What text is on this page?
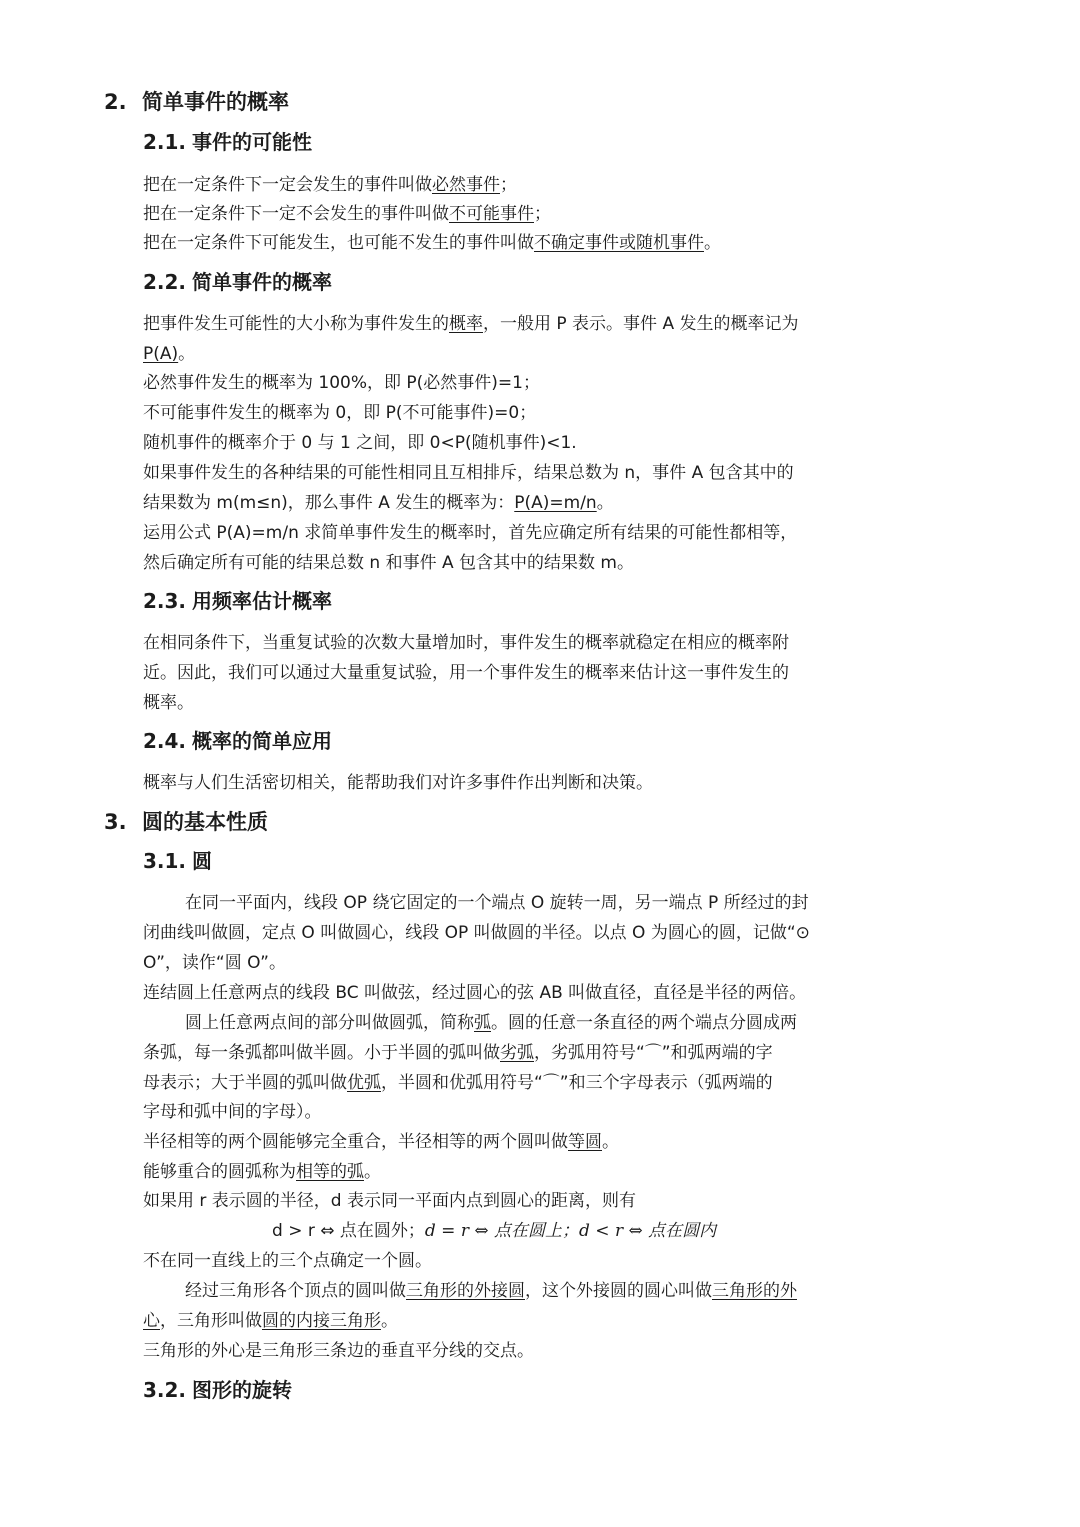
2. 简单事件的概率
2.1. 事件的可能性
把在一定条件下一定会发生的事件叫做必然事件；
把在一定条件下一定不会发生的事件叫做不可能事件；
把在一定条件下可能发生，也可能不发生的事件叫做不确定事件或随机事件。
2.2. 简单事件的概率
把事件发生可能性的大小称为事件发生的概率，一般用 P 表示。事件 A 发生的概率记为
P(A)。
必然事件发生的概率为 100%，即 P(必然事件)=1；
不可能事件发生的概率为 0，即 P(不可能事件)=0；
随机事件的概率介于 0 与 1 之间，即 0<P(随机事件)<1.
如果事件发生的各种结果的可能性相同且互相排斥，结果总数为 n，事件 A 包含其中的
结果数为 m(m≤n)，那么事件 A 发生的概率为：P(A)=m/n。
运用公式 P(A)=m/n 求简单事件发生的概率时，首先应确定所有结果的可能性都相等，
然后确定所有可能的结果总数 n 和事件 A 包含其中的结果数 m。
2.3. 用频率估计概率
在相同条件下，当重复试验的次数大量增加时，事件发生的概率就稳定在相应的概率附
近。因此，我们可以通过大量重复试验，用一个事件发生的概率来估计这一事件发生的
概率。
2.4. 概率的简单应用
概率与人们生活密切相关，能帮助我们对许多事件作出判断和决策。
3. 圆的基本性质
3.1. 圆
在同一平面内，线段 OP 绕它固定的一个端点 O 旋转一周，另一端点 P 所经过的封
闭曲线叫做圆，定点 O 叫做圆心，线段 OP 叫做圆的半径。以点 O 为圆心的圆，记做“⊙
O”，读作“圆 O”。
连结圆上任意两点的线段 BC 叫做弦，经过圆心的弦 AB 叫做直径，直径是半径的两倍。
圆上任意两点间的部分叫做圆弧，简称弧。圆的任意一条直径的两个端点分圆成两
条弧，每一条弧都叫做半圆。小于半圆的弧叫做劣弧，劣弧用符号“⌒”和弧两端的字
母表示；大于半圆的弧叫做优弧，半圆和优弧用符号“⌒”和三个字母表示（弧两端的
字母和弧中间的字母）。
半径相等的两个圆能够完全重合，半径相等的两个圆叫做等圆。
能够重合的圆弧称为相等的弧。
如果用 r 表示圆的半径，d 表示同一平面内点到圆心的距离，则有
d > r ⇔ 点在圆外；d = r ⇔ 点在圆上；d < r ⇔ 点在圆内
不在同一直线上的三个点确定一个圆。
经过三角形各个顶点的圆叫做三角形的外接圆，这个外接圆的圆心叫做三角形的外
心，三角形叫做圆的内接三角形。
三角形的外心是三角形三条边的垂直平分线的交点。
3.2. 图形的旋转
